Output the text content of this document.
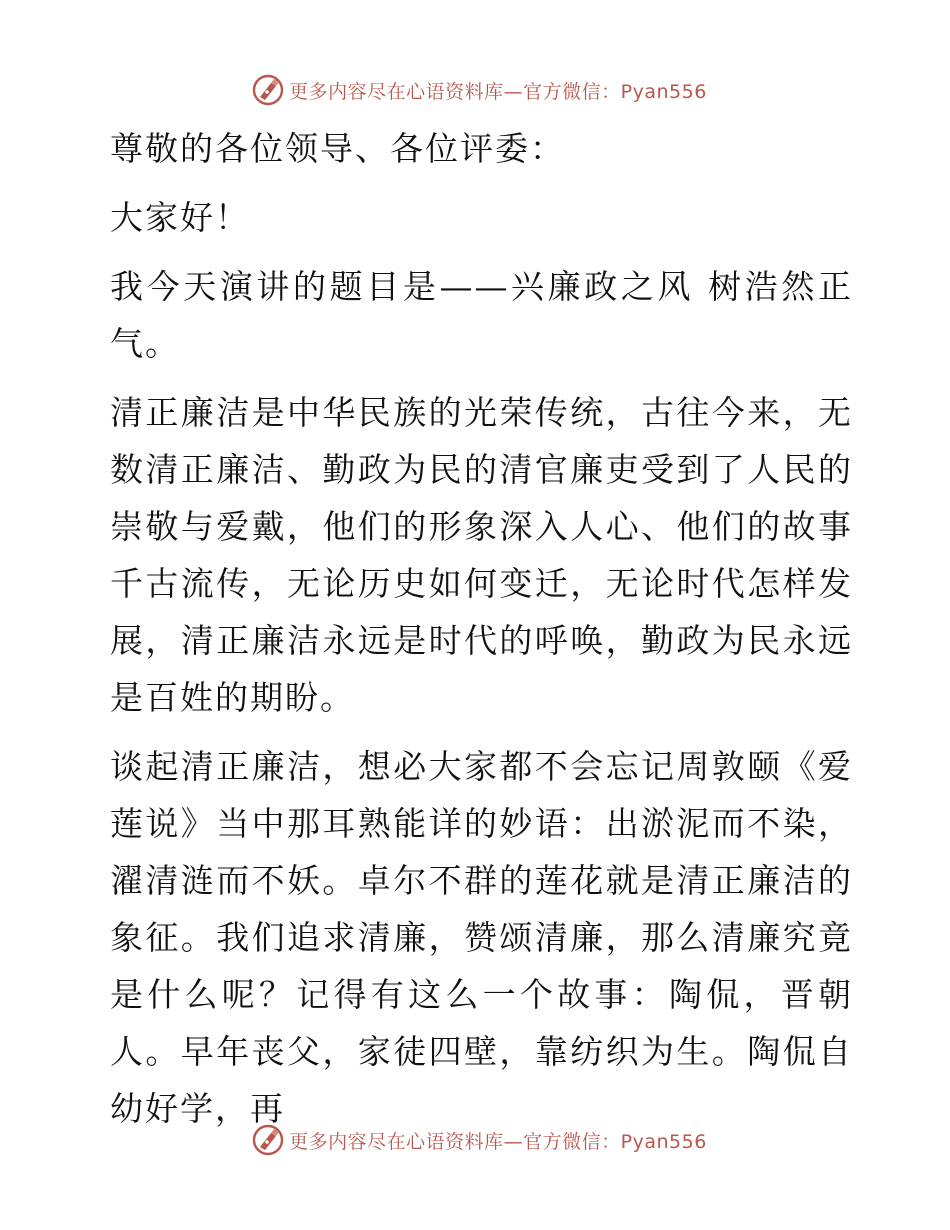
更多内容尽在心语资料库—官方微信：Pyan556

尊敬的各位领导、各位评委：

大家好！

我今天演讲的题目是——兴廉政之风 树浩然正气。

清正廉洁是中华民族的光荣传统，古往今来，无数清正廉洁、勤政为民的清官廉吏受到了人民的崇敬与爱戴，他们的形象深入人心、他们的故事千古流传，无论历史如何变迁，无论时代怎样发展，清正廉洁永远是时代的呼唤，勤政为民永远是百姓的期盼。

谈起清正廉洁，想必大家都不会忘记周敦颐《爱莲说》当中那耳熟能详的妙语：出淤泥而不染，濯清涟而不妖。卓尔不群的莲花就是清正廉洁的象征。我们追求清廉，赞颂清廉，那么清廉究竟是什么呢？记得有这么一个故事：陶侃，晋朝人。早年丧父，家徒四壁，靠纺织为生。陶侃自幼好学，再

更多内容尽在心语资料库—官方微信：Pyan556
